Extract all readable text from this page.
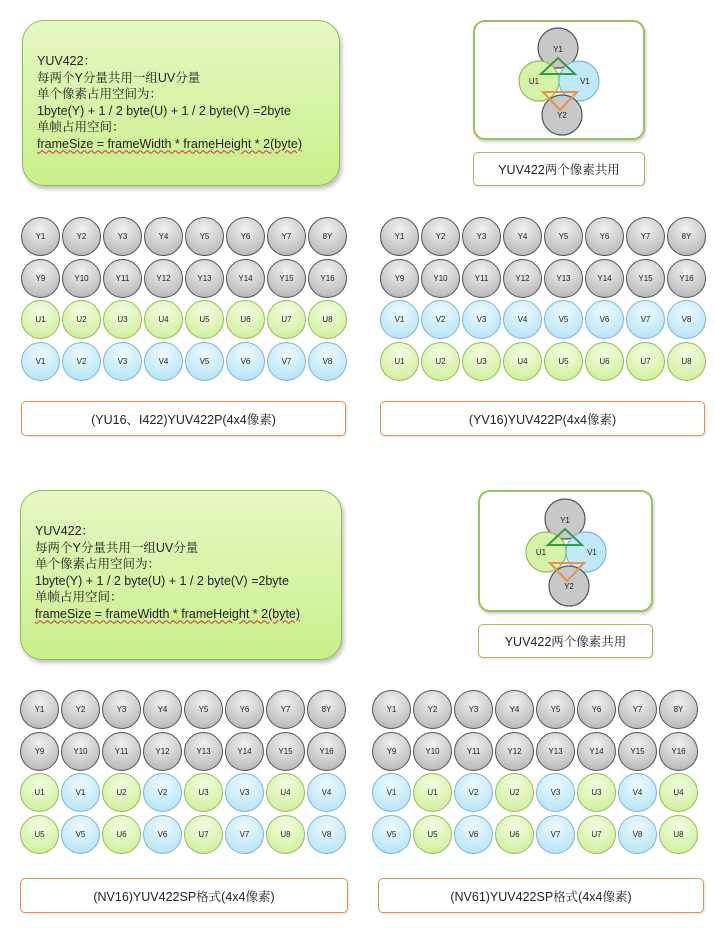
YUV422：
每两个Y分量共用一组UV分量
单个像素占用空间为：
1byte(Y) + 1 / 2 byte(U) + 1 / 2 byte(V) =2byte
单帧占用空间：
frameSize = frameWidth * frameHeight * 2(byte)
Y1
U1	V1
Y2
YUV422两个像素共用
Y1	Y2	Y3	Y4	Y5	Y6	Y7	8Y
Y9	Y10	Y11	Y12	Y13	Y14	Y15	Y16
U1	U2	U3	U4	U5	U6	U7	U8
V1	V2	V3	V4	V5	V6	V7	V8
Y1	Y2	Y3	Y4	Y5	Y6	Y7	8Y
Y9	Y10	Y11	Y12	Y13	Y14	Y15	Y16
V1	V2	V3	V4	V5	V6	V7	V8
U1	U2	U3	U4	U5	U6	U7	U8
(YU16、I422)YUV422P(4x4像素)	(YV16)YUV422P(4x4像素)
YUV422：
每两个Y分量共用一组UV分量
单个像素占用空间为：
1byte(Y) + 1 / 2 byte(U) + 1 / 2 byte(V) =2byte
单帧占用空间：
frameSize = frameWidth * frameHeight * 2(byte)
Y1
U1	V1
Y2
YUV422两个像素共用
Y1	Y2	Y3	Y4	Y5	Y6	Y7	8Y
Y9	Y10	Y11	Y12	Y13	Y14	Y15	Y16
U1	V1	U2	V2	U3	V3	U4	V4
U5	V5	U6	V6	U7	V7	U8	V8
Y1	Y2	Y3	Y4	Y5	Y6	Y7	8Y
Y9	Y10	Y11	Y12	Y13	Y14	Y15	Y16
V1	U1	V2	U2	V3	U3	V4	U4
V5	U5	V6	U6	V7	U7	V8	U8
(NV16)YUV422SP格式(4x4像素)	(NV61)YUV422SP格式(4x4像素)
